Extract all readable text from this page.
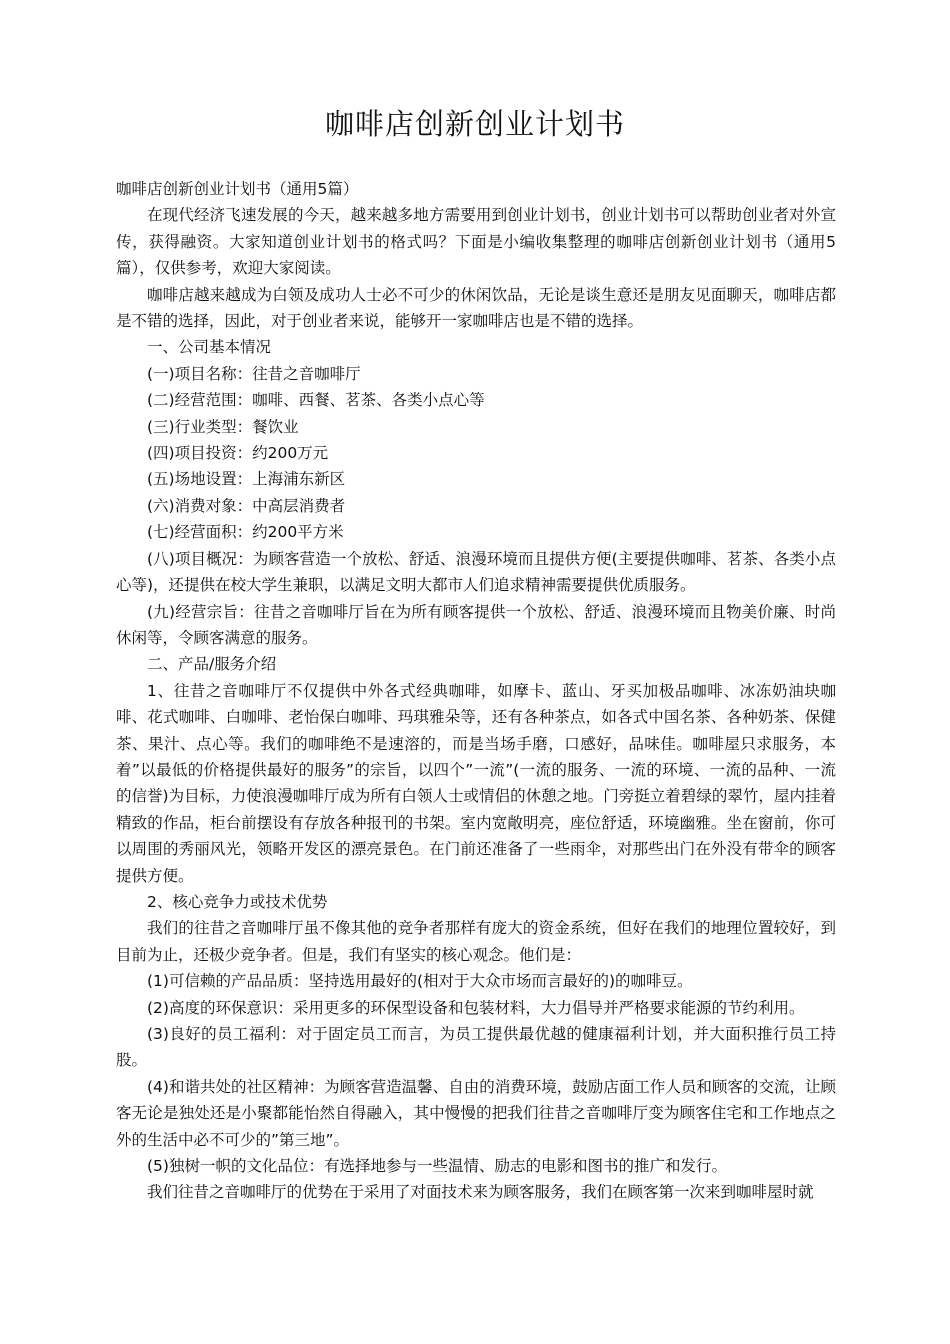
咖啡店创新创业计划书

咖啡店创新创业计划书（通用5篇）

在现代经济飞速发展的今天，越来越多地方需要用到创业计划书，创业计划书可以帮助创业者对外宣传，获得融资。大家知道创业计划书的格式吗？下面是小编收集整理的咖啡店创新创业计划书（通用5篇），仅供参考，欢迎大家阅读。

咖啡店越来越成为白领及成功人士必不可少的休闲饮品，无论是谈生意还是朋友见面聊天，咖啡店都是不错的选择，因此，对于创业者来说，能够开一家咖啡店也是不错的选择。

一、公司基本情况

(一)项目名称：往昔之音咖啡厅

(二)经营范围：咖啡、西餐、茗茶、各类小点心等

(三)行业类型：餐饮业

(四)项目投资：约200万元

(五)场地设置：上海浦东新区

(六)消费对象：中高层消费者

(七)经营面积：约200平方米

(八)项目概况：为顾客营造一个放松、舒适、浪漫环境而且提供方便(主要提供咖啡、茗茶、各类小点心等)，还提供在校大学生兼职，以满足文明大都市人们追求精神需要提供优质服务。

(九)经营宗旨：往昔之音咖啡厅旨在为所有顾客提供一个放松、舒适、浪漫环境而且物美价廉、时尚休闲等，令顾客满意的服务。

二、产品/服务介绍

1、往昔之音咖啡厅不仅提供中外各式经典咖啡，如摩卡、蓝山、牙买加极品咖啡、冰冻奶油块咖啡、花式咖啡、白咖啡、老怡保白咖啡、玛琪雅朵等，还有各种茶点，如各式中国名茶、各种奶茶、保健茶、果汁、点心等。我们的咖啡绝不是速溶的，而是当场手磨，口感好，品味佳。咖啡屋只求服务，本着”以最低的价格提供最好的服务”的宗旨，以四个”一流”(一流的服务、一流的环境、一流的品种、一流的信誉)为目标，力使浪漫咖啡厅成为所有白领人士或情侣的休憩之地。门旁挺立着碧绿的翠竹，屋内挂着精致的作品，柜台前摆设有存放各种报刊的书架。室内宽敞明亮，座位舒适，环境幽雅。坐在窗前，你可以周围的秀丽风光，领略开发区的漂亮景色。在门前还准备了一些雨伞，对那些出门在外没有带伞的顾客提供方便。

2、核心竞争力或技术优势

我们的往昔之音咖啡厅虽不像其他的竞争者那样有庞大的资金系统，但好在我们的地理位置较好，到目前为止，还极少竞争者。但是，我们有坚实的核心观念。他们是：

(1)可信赖的产品品质：坚持选用最好的(相对于大众市场而言最好的)的咖啡豆。

(2)高度的环保意识：采用更多的环保型设备和包装材料，大力倡导并严格要求能源的节约利用。

(3)良好的员工福利：对于固定员工而言，为员工提供最优越的健康福利计划，并大面积推行员工持股。

(4)和谐共处的社区精神：为顾客营造温馨、自由的消费环境，鼓励店面工作人员和顾客的交流，让顾客无论是独处还是小聚都能怡然自得融入，其中慢慢的把我们往昔之音咖啡厅变为顾客住宅和工作地点之外的生活中必不可少的”第三地”。

(5)独树一帜的文化品位：有选择地参与一些温情、励志的电影和图书的推广和发行。

我们往昔之音咖啡厅的优势在于采用了对面技术来为顾客服务，我们在顾客第一次来到咖啡屋时就
